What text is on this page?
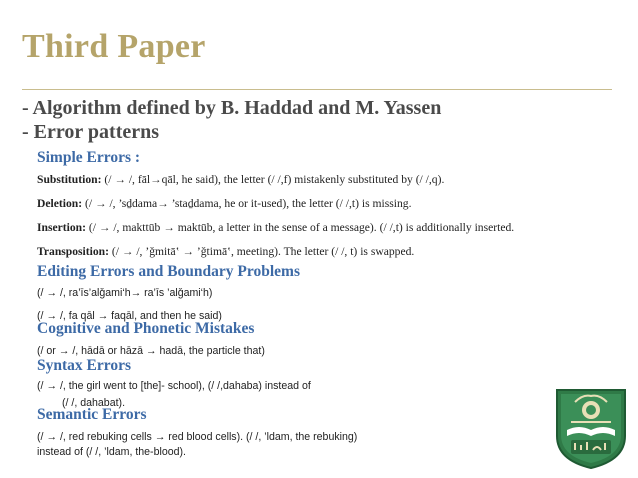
Third Paper
- Algorithm defined by B. Haddad and M. Yassen
- Error patterns
Simple Errors :
Substitution: (/ → /, fāl→qāl, he said), the letter (/ /,f) mistakenly substituted by (/ /,q).
Deletion: (/ → /, ’sḏdama→ ’staḏdama, he or it-used), the letter (/ /,t) is missing.
Insertion: (/ → /, makttūb → maktūb, a letter in the sense of a message). (/ /,t) is additionally inserted.
Transposition: (/ → /, ’ǧmitā‛ → ’ǧtimā‛, meeting). The letter (/ /, t) is swapped.
Editing Errors and Boundary Problems
(/ → /, ra’īs’alǧami‘h→ ra’īs ’alǧami‘h)
(/ → /, fa qāl → faqāl, and then he said)
Cognitive and Phonetic Mistakes
(/ or → /, hādā or hāzā → hadā, the particle that)
Syntax Errors
(/ → /, the girl went to [the]- school), (/ /,dahaba) instead of
(/ /, dahabat).
Semantic Errors
(/ → /, red rebuking cells → red blood cells). (/ /, ’ldam, the rebuking)
instead of (/ /, ’ldam, the-blood).
